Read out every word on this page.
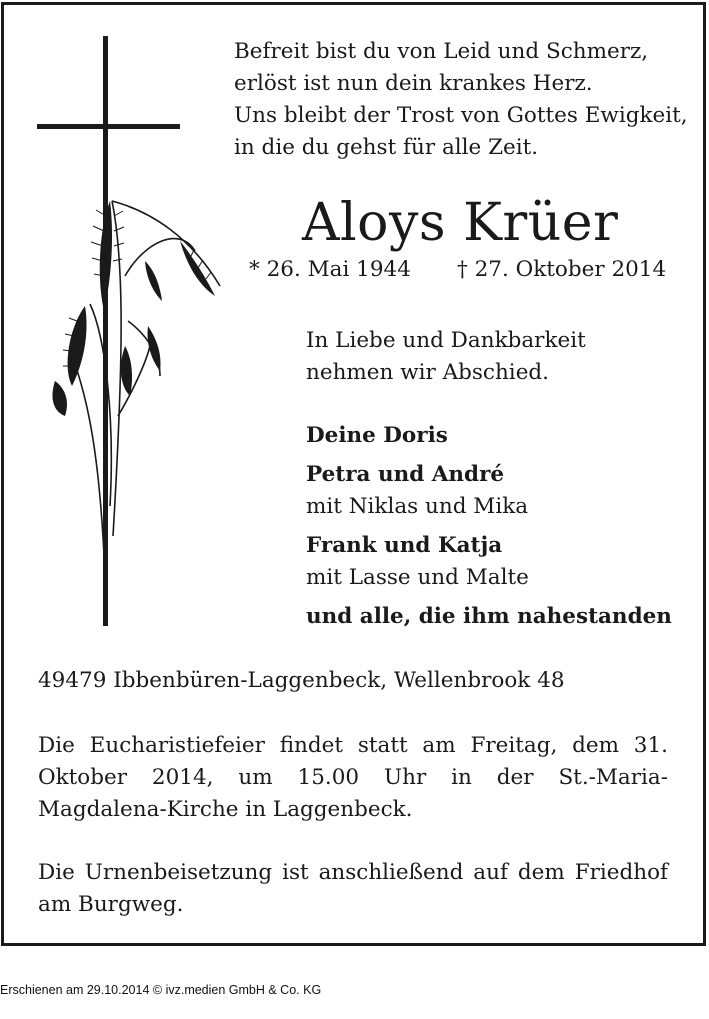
Befreit bist du von Leid und Schmerz,
erlöst ist nun dein krankes Herz.
Uns bleibt der Trost von Gottes Ewigkeit,
in die du gehst für alle Zeit.
Aloys Krüer
* 26. Mai 1944 † 27. Oktober 2014
In Liebe und Dankbarkeit
nehmen wir Abschied.
Deine Doris
Petra und André
mit Niklas und Mika
Frank und Katja
mit Lasse und Malte
und alle, die ihm nahestanden
49479 Ibbenbüren-Laggenbeck, Wellenbrook 48

Die Eucharistiefeier findet statt am Freitag, dem 31. Oktober 2014, um 15.00 Uhr in der St.-Maria-Magdalena-Kirche in Laggenbeck.

Die Urnenbeisetzung ist anschließend auf dem Friedhof am Burgweg.

Erschienen am 29.10.2014 © ivz.medien GmbH & Co. KG
